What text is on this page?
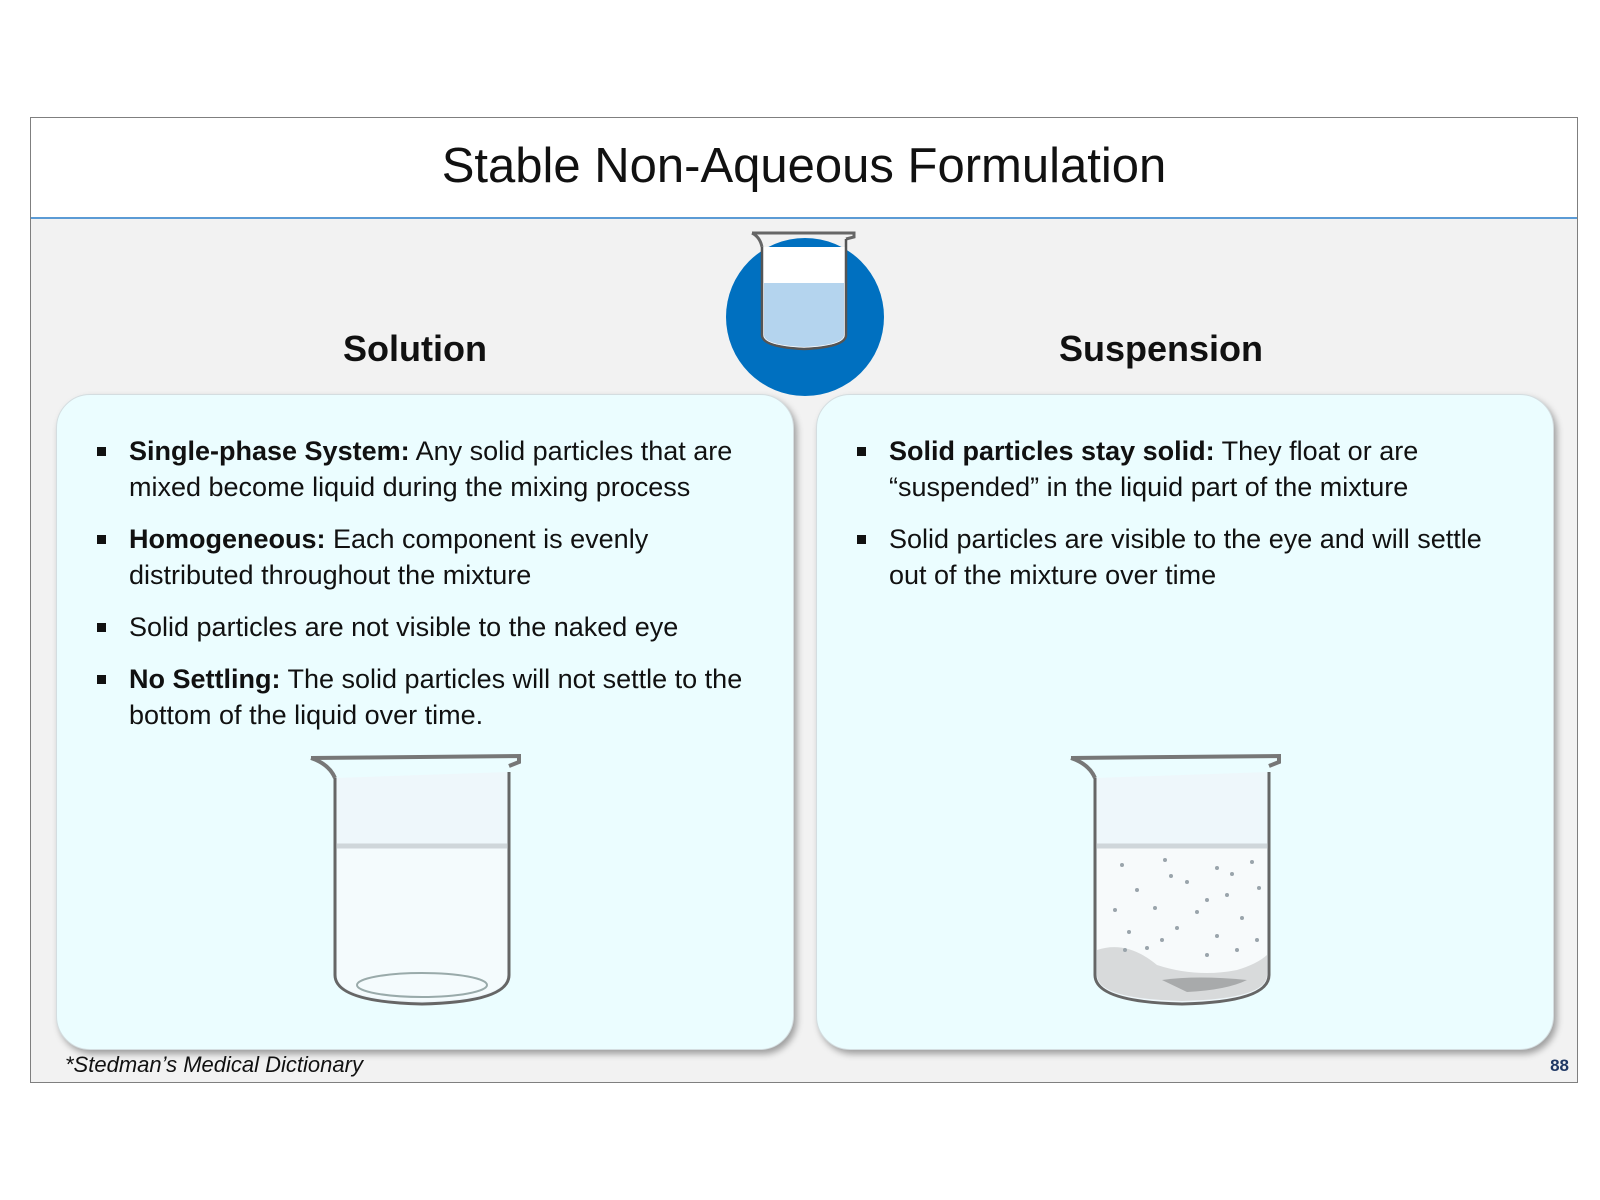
Stable Non-Aqueous Formulation
Solution	Suspension
Single-phase System: Any solid particles that are mixed become liquid during the mixing process
Homogeneous: Each component is evenly distributed throughout the mixture
Solid particles are not visible to the naked eye
No Settling: The solid particles will not settle to the bottom of the liquid over time.
Solid particles stay solid: They float or are “suspended” in the liquid part of the mixture
Solid particles are visible to the eye and will settle out of the mixture over time
*Stedman’s Medical Dictionary	88
